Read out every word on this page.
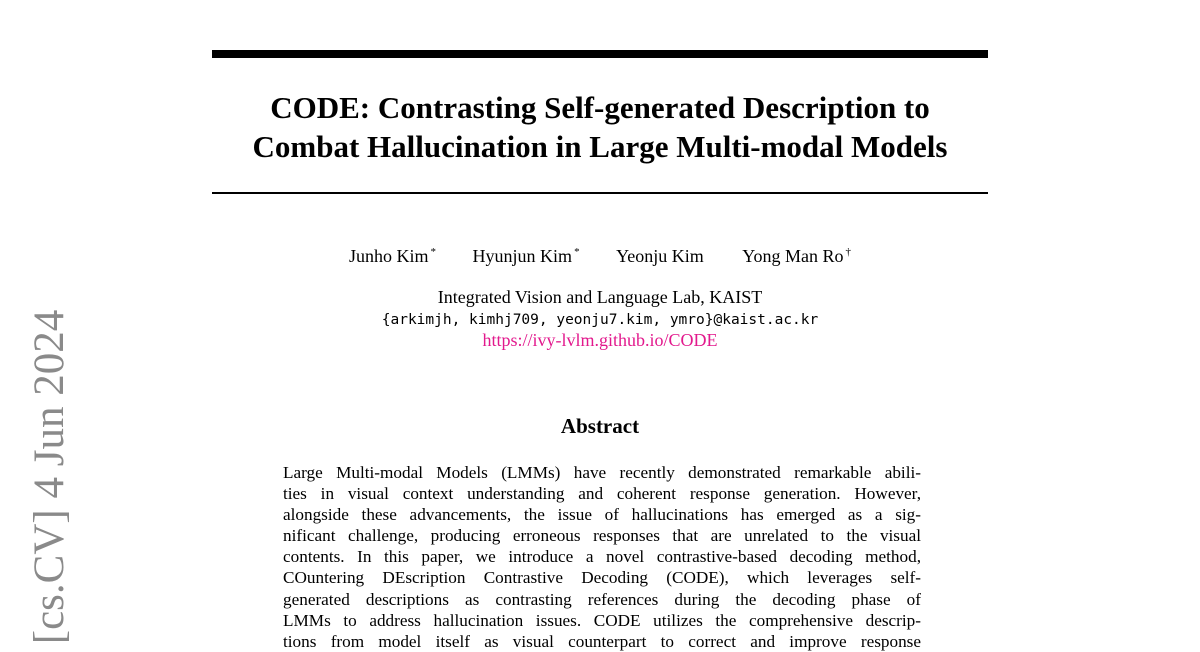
CODE: Contrasting Self-generated Description to
Combat Hallucination in Large Multi-modal Models
Junho Kim * Hyunjun Kim * Yeonju Kim Yong Man Ro †
Integrated Vision and Language Lab, KAIST
{arkimjh, kimhj709, yeonju7.kim, ymro}@kaist.ac.kr
https://ivy-lvlm.github.io/CODE
Abstract
Large Multi-modal Models (LMMs) have recently demonstrated remarkable abili-
ties in visual context understanding and coherent response generation. However,
alongside these advancements, the issue of hallucinations has emerged as a sig-
nificant challenge, producing erroneous responses that are unrelated to the visual
contents. In this paper, we introduce a novel contrastive-based decoding method,
COuntering DEscription Contrastive Decoding (CODE), which leverages self-
generated descriptions as contrasting references during the decoding phase of
LMMs to address hallucination issues. CODE utilizes the comprehensive descrip-
tions from model itself as visual counterpart to correct and improve response
[cs.CV] 4 Jun 2024
